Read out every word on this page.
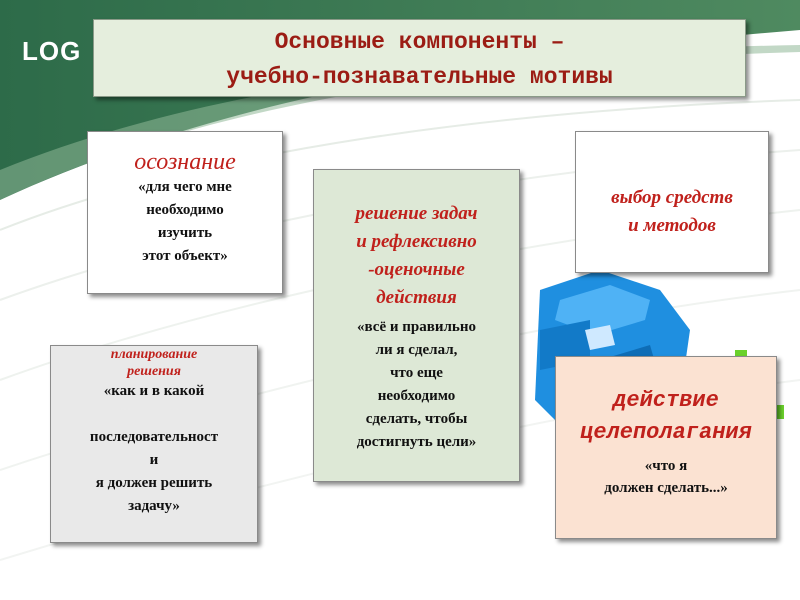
LOG	Основные компоненты –
учебно-познавательные мотивы
осознание
«для чего мне
необходимо
изучить
этот объект»
решение задач
и рефлексивно
-оценочные
действия
«всё и правильно
ли я сделал,
что еще
необходимо
сделать, чтобы
достигнуть цели»
выбор средств
и методов
планирование
решения
«как и в какой
последовательност
и
я должен решить
задачу»
действие
целеполагания
«что я
должен сделать...»
